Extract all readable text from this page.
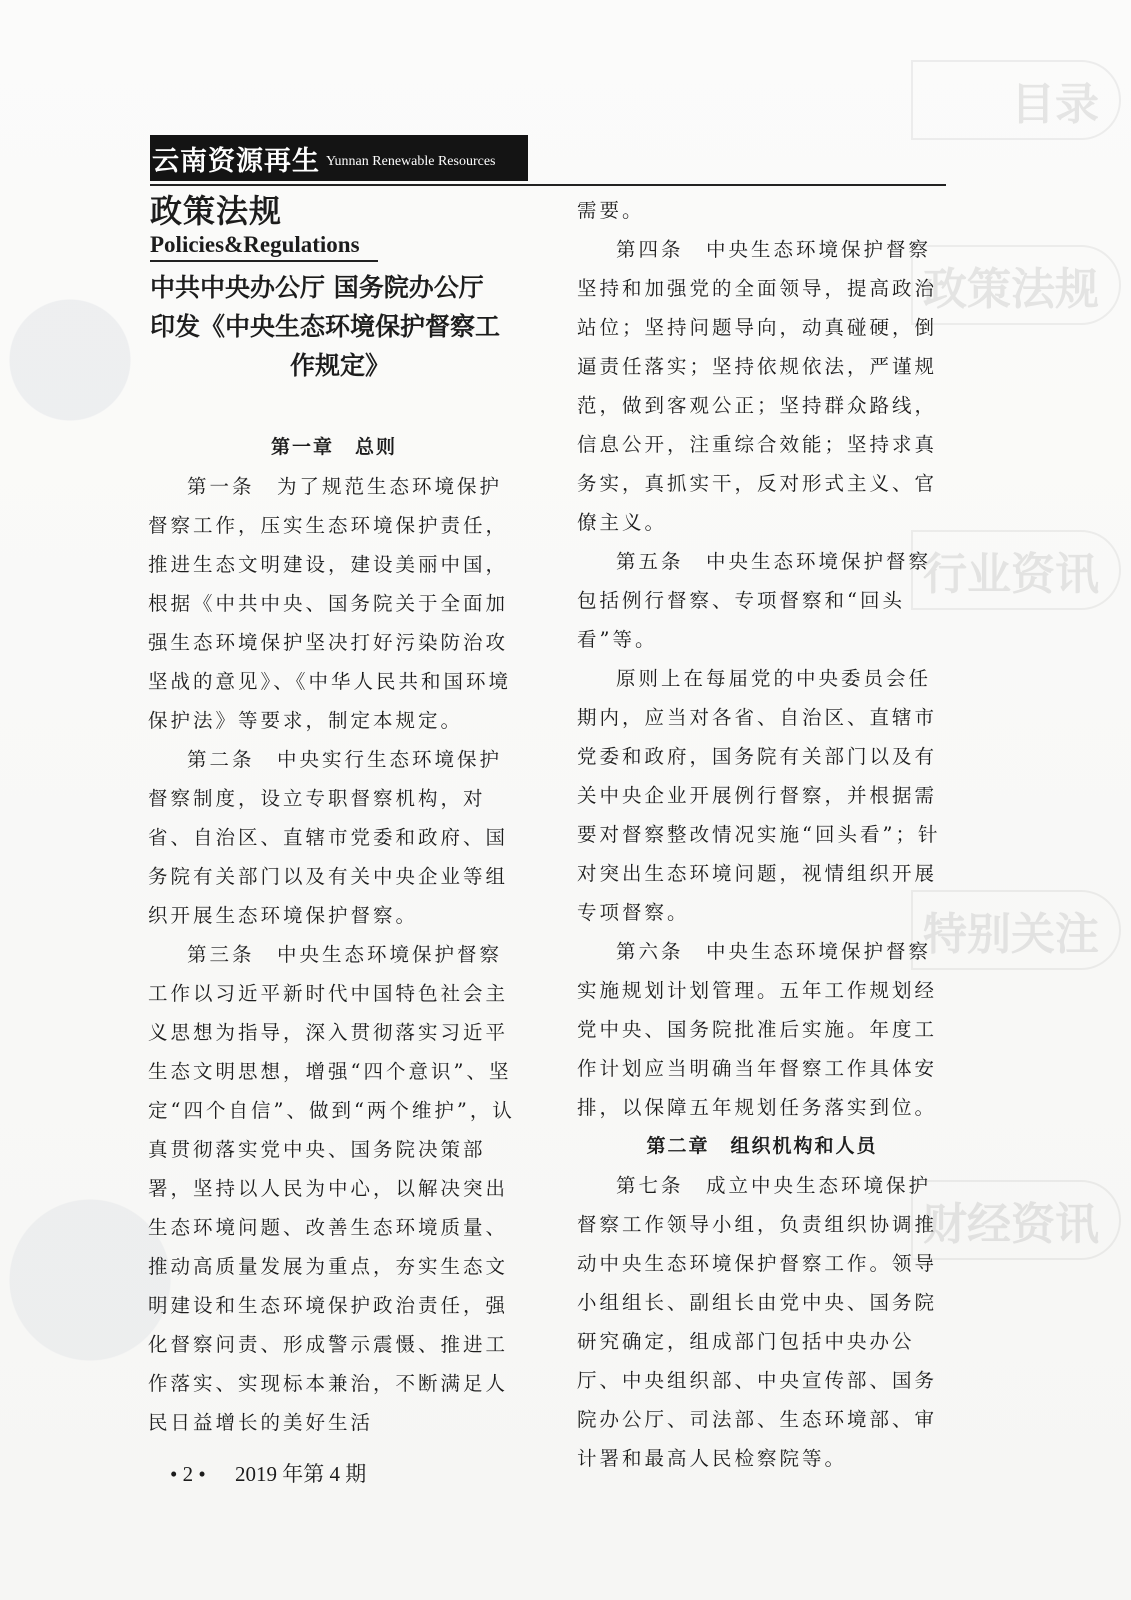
目录
政策法规
行业资讯
特别关注
财经资讯
云南资源再生 Yunnan Renewable Resources
政策法规
Policies&Regulations
中共中央办公厅 国务院办公厅
印发《中央生态环境保护督察工
作规定》

第一章　总则

第一条　为了规范生态环境保护督察工作，压实生态环境保护责任，推进生态文明建设，建设美丽中国，根据《中共中央、国务院关于全面加强生态环境保护坚决打好污染防治攻坚战的意见》、《中华人民共和国环境保护法》等要求，制定本规定。

第二条　中央实行生态环境保护督察制度，设立专职督察机构，对省、自治区、直辖市党委和政府、国务院有关部门以及有关中央企业等组织开展生态环境保护督察。

第三条　中央生态环境保护督察工作以习近平新时代中国特色社会主义思想为指导，深入贯彻落实习近平生态文明思想，增强“四个意识”、坚定“四个自信”、做到“两个维护”，认真贯彻落实党中央、国务院决策部署，坚持以人民为中心，以解决突出生态环境问题、改善生态环境质量、推动高质量发展为重点，夯实生态文明建设和生态环境保护政治责任，强化督察问责、形成警示震慑、推进工作落实、实现标本兼治，不断满足人民日益增长的美好生活

需要。

第四条　中央生态环境保护督察坚持和加强党的全面领导，提高政治站位；坚持问题导向，动真碰硬，倒逼责任落实；坚持依规依法，严谨规范，做到客观公正；坚持群众路线，信息公开，注重综合效能；坚持求真务实，真抓实干，反对形式主义、官僚主义。

第五条　中央生态环境保护督察包括例行督察、专项督察和“回头看”等。

原则上在每届党的中央委员会任期内，应当对各省、自治区、直辖市党委和政府，国务院有关部门以及有关中央企业开展例行督察，并根据需要对督察整改情况实施“回头看”；针对突出生态环境问题，视情组织开展专项督察。

第六条　中央生态环境保护督察实施规划计划管理。五年工作规划经党中央、国务院批准后实施。年度工作计划应当明确当年督察工作具体安排，以保障五年规划任务落实到位。

第二章　组织机构和人员

第七条　成立中央生态环境保护督察工作领导小组，负责组织协调推动中央生态环境保护督察工作。领导小组组长、副组长由党中央、国务院研究确定，组成部门包括中央办公厅、中央组织部、中央宣传部、国务院办公厅、司法部、生态环境部、审计署和最高人民检察院等。

• 2 • 2019 年第 4 期
